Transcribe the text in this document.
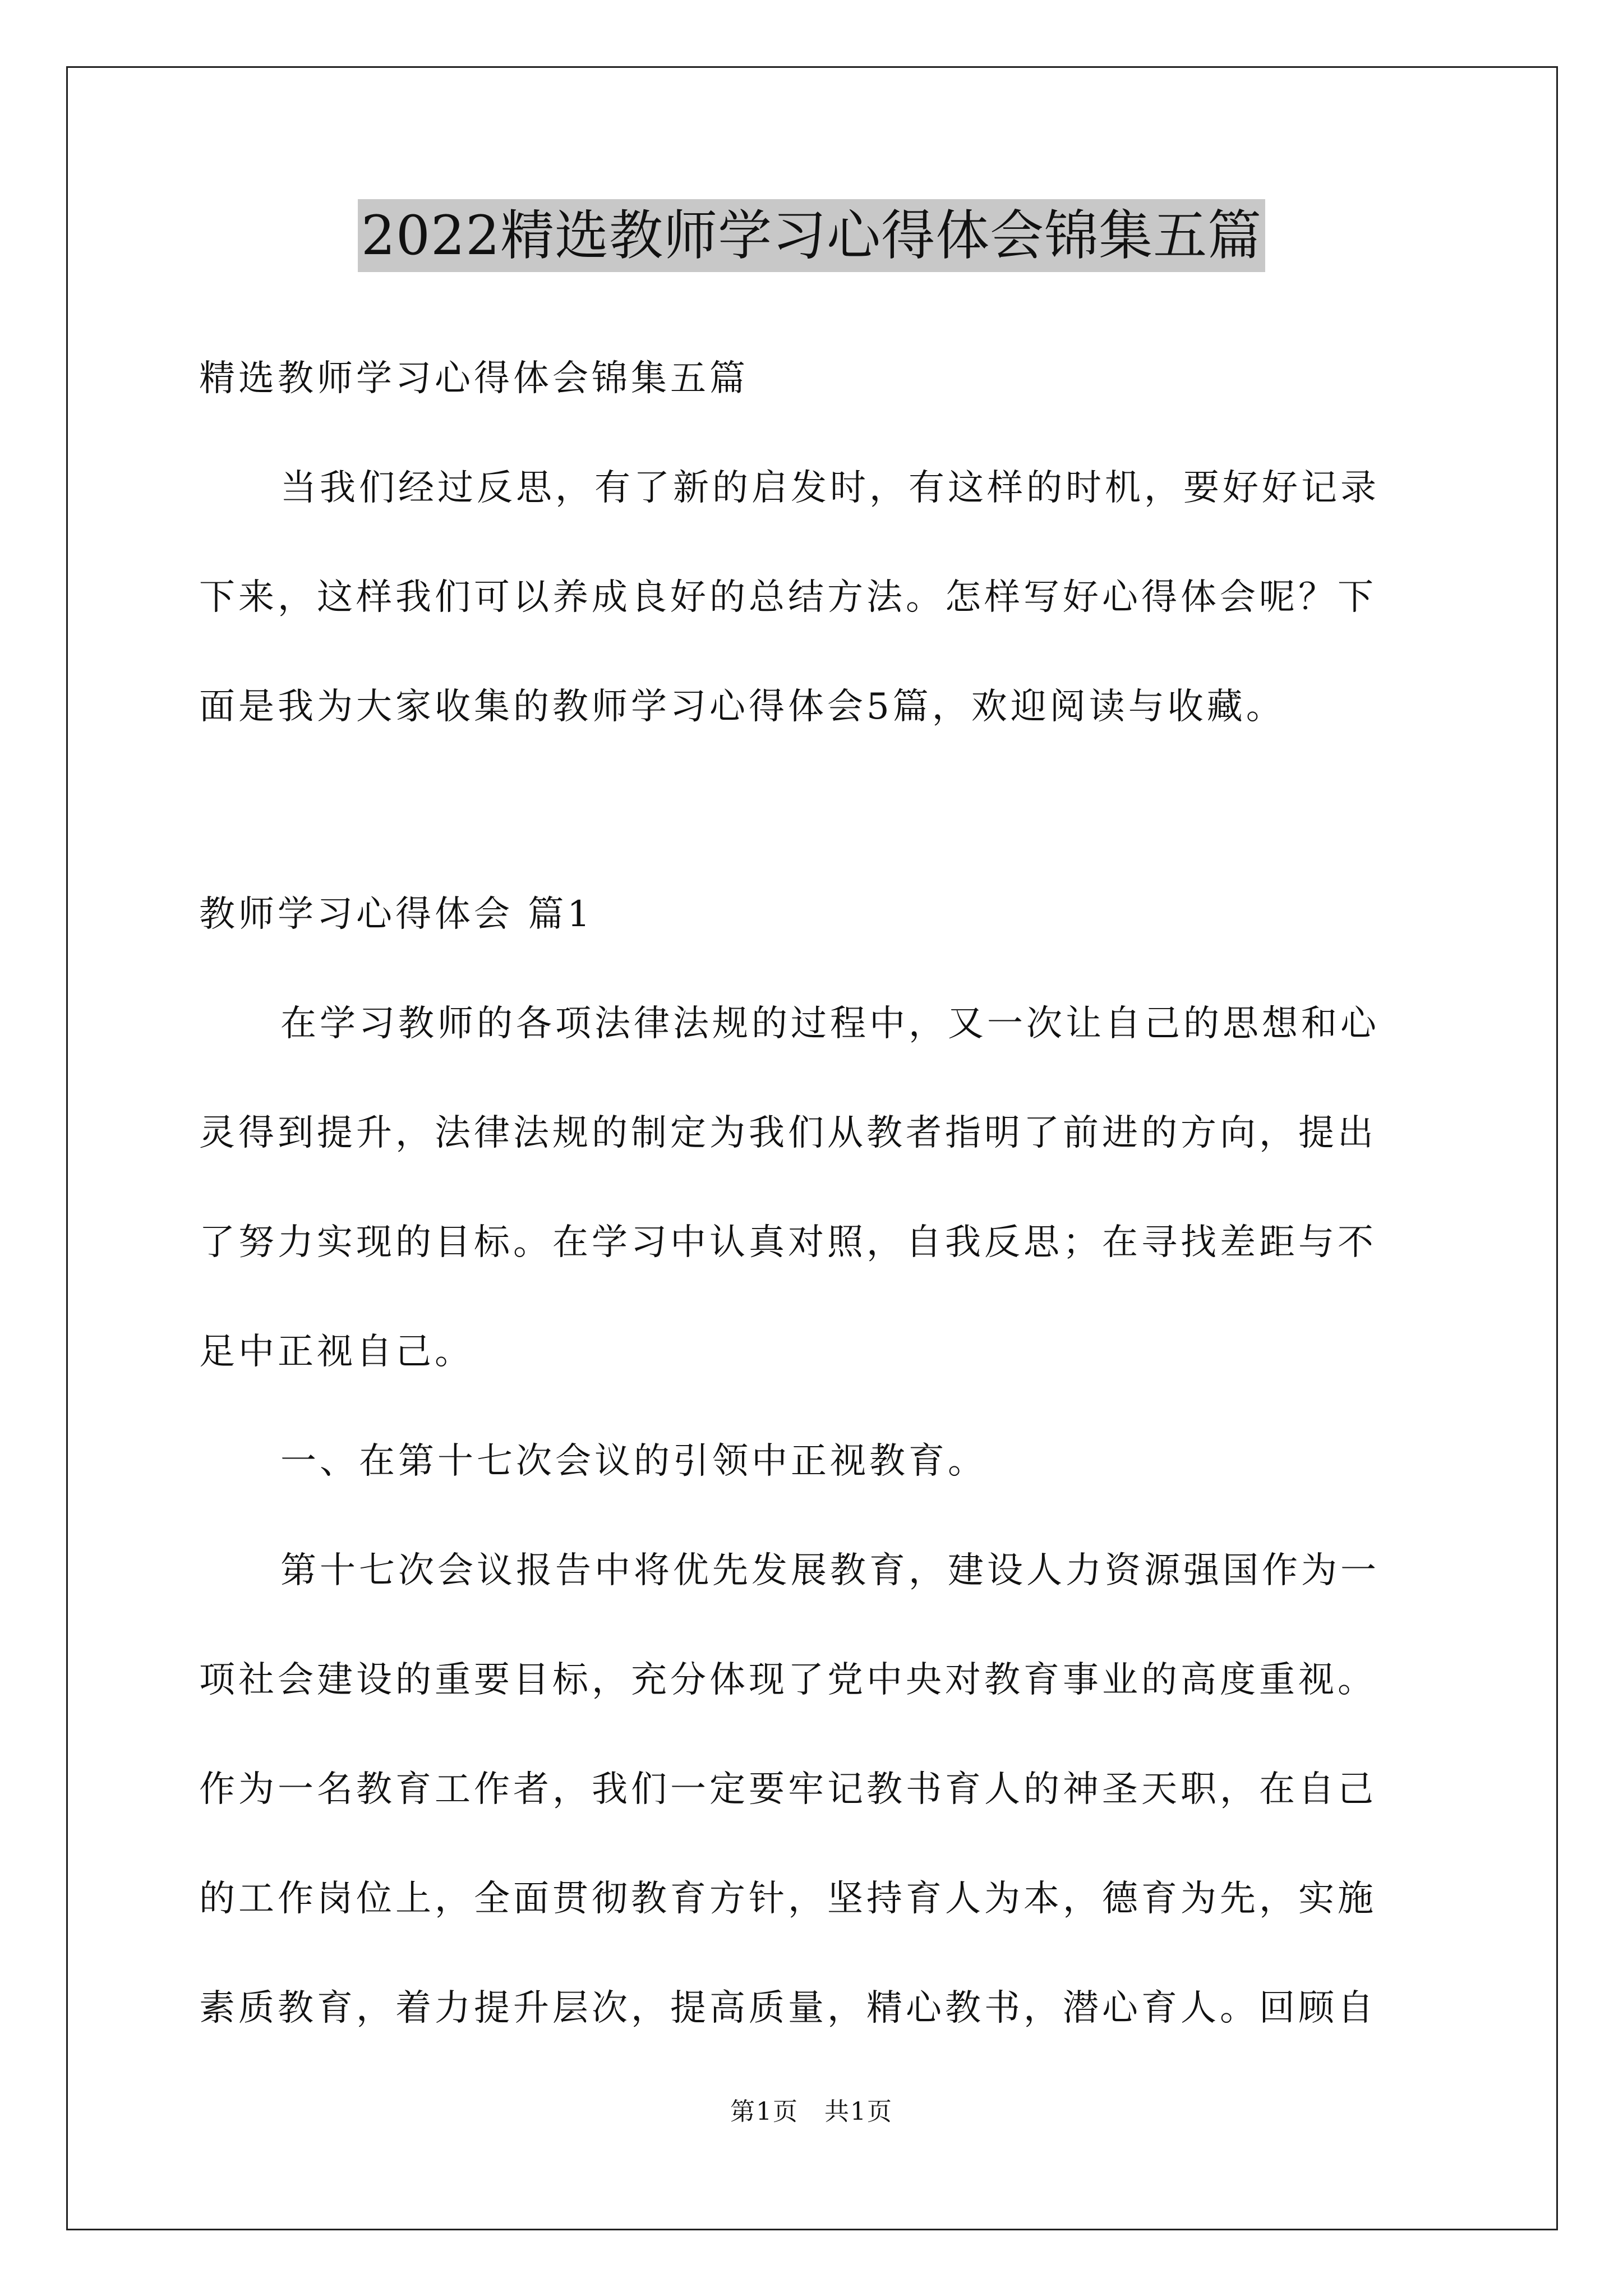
2022精选教师学习心得体会锦集五篇
精选教师学习心得体会锦集五篇
当我们经过反思，有了新的启发时，有这样的时机，要好好记录
下来，这样我们可以养成良好的总结方法。怎样写好心得体会呢？下
面是我为大家收集的教师学习心得体会5篇，欢迎阅读与收藏。
教师学习心得体会 篇1
在学习教师的各项法律法规的过程中，又一次让自己的思想和心
灵得到提升，法律法规的制定为我们从教者指明了前进的方向，提出
了努力实现的目标。在学习中认真对照，自我反思；在寻找差距与不
足中正视自己。
一、在第十七次会议的引领中正视教育。
第十七次会议报告中将优先发展教育，建设人力资源强国作为一
项社会建设的重要目标，充分体现了党中央对教育事业的高度重视。
作为一名教育工作者，我们一定要牢记教书育人的神圣天职，在自己
的工作岗位上，全面贯彻教育方针，坚持育人为本，德育为先，实施
素质教育，着力提升层次，提高质量，精心教书，潜心育人。回顾自
第1页　共1页
